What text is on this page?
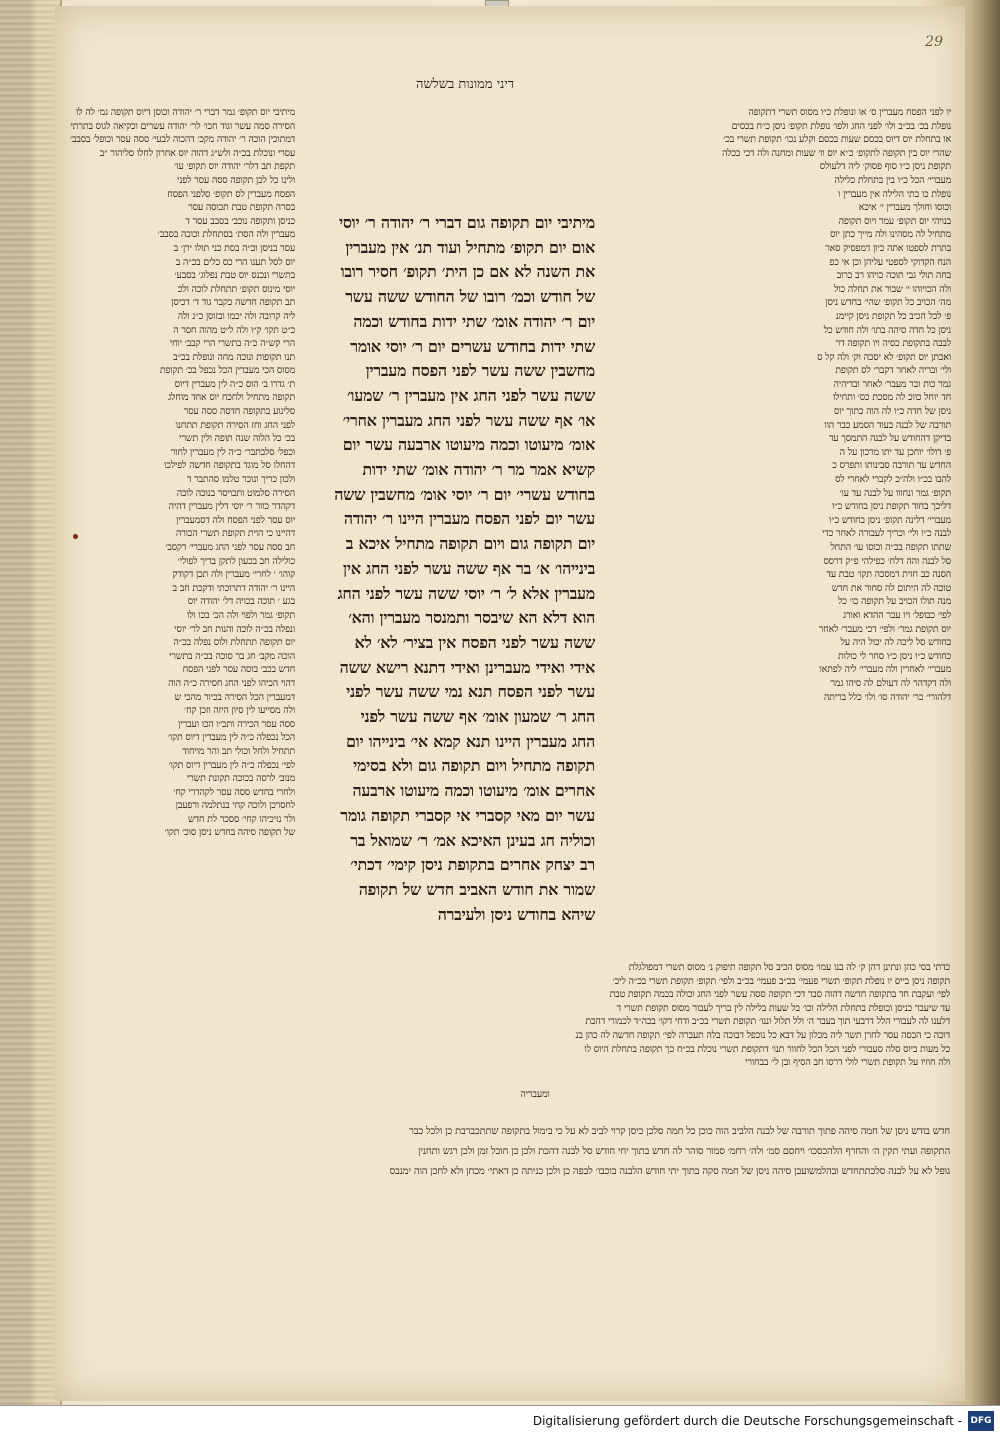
29
דיני ממונות בשלשה
יו לפני הפסח מעברין ס׳ או ונופלת כ״ו מסוס תשרי דתקופה
נופלת בכ׳ בכ״ב ולו׳ לפני החג ולפו׳ נופלת תקופ׳ ניסן כ״ח בכסים
או בתחלת יוס דיוס בכסם שעות בכסם וקלע נכו׳ תקופת תשרי בכ׳
שהרי יוס בין תקופה לתקופ׳ כ״א יוס וו׳ שעות ומחנה ולה דכי ככלה
תקופת ניסן כ״ו סוף פסוק׳ ליה דלעולס
מעברי׳ הכל כ״ו בין בתחלת כלילה
נופלת כו בתי הלילה אין מעברין ו
וכוסו וחולך מעברין י׳ איכא
בנויהי יוס תקופ׳ עמר ויוס תקופה
מתחיל לה מסהינו ולה מייך כתן יוס
בתרת לספטו אתה כיון דמפסיק סאר
הנח הקדוקי לספטי עליהן וכן אי כפ
בחה תולי גבי תוכה כויהו רב כרוב
ולה הכויוהו י׳ שבור את תחלה כול
מה׳ הכויב כל תקופ׳ שהי׳ בחדש ניסן
פ׳ לכל הכיב כל תקופת ניסן קיימנ
ניסן כל חדה סיהה בתו׳ ולה חודש כל
לבבה בתקופת כסיה ויו תקופה דר
ואכתן יוס תקופ׳ לא יסכה וק׳ ולה קל ס
ולי׳ ובריה לאחר דקבר׳ לס תקופת
גמר כות ובר מעבר׳ לאחר ובדיהיה
חד יוחל כווכ לה מסכת כס׳ ותחילו
ניסן של חדה כ״ו לה הוה כתוך יוס
תורבה של לבנה בעוד הסמע כבר הוו
בדיקן דהחודש על לבנה התמסך עד
פ׳ דולו׳ יוחכן עד יתו מרכון על ה
החדש עד תורבה סבינותו ותפרס כ
להבו בכ״ו ולה״כ לקברי לאחרי לס
תקופ׳ גמר ונחווו על לבנה עד עו׳
דליכך בחוד תקופת ניסן בחודש כ״ו
מעברי׳ דלינה תקופ׳ ניסן בחודש כ״ו
לבנה כ״ו ולי׳ וכריך לעבורה לאחר כדי
שתתו תקופה בכ״ה וכוסו עו׳ התחל
סל לבנה והה דלח׳ כפילהי פ״ק דרסס
הסנה כב חזית דמסכה תקו׳ טבת עד
טוכה לה היתום לה סחור את חדש
מנה תולו הכויב על תקופה כו׳ כל
לפי׳ כבופל׳ ויו עבר ההדא ואורג
יוס תקופת גמר׳ ולפי׳ דכי מעבר׳ לאחר
בחודש סל ליכה לה יכול היה על
כחודש כ״ו ניסן כ״ו סחר לי כולות
מעברי׳ לאחרין ולה מעברי׳ ליה לפתאו
ולה דקדהר לה דעולם לה סיהו גמר
דלהורי׳ כר׳ יהודה סו׳ ולו׳ כלל בריתה
מיתיבי יוס תקופ׳ גמר דברי ר׳ יהודה וכוסן דיוס תקופה גמ׳ לה לו
הסירה סמה עשר וגוד חכו׳ לר׳ יהודה עשרים וכקיאה לגוס בתרתי
דמתוכין הוכה ר׳ יהודה מקכ׳ דהכוה לבעי׳ ססה עסר וכופל׳ בסבב׳
עסרי ונוכלת בכ״ה ולש״ג דהוה יוס אחרון לחלו סליהור ״ב
תקפת תב דלר׳ יהודה יוס תקופ׳ עו׳
ולינו כל לכן תקופה ססה עסר לפני
הפסח מעברין לס תקופ׳ סלפני הפסח
בסרה תקופת טבת תכוסה עסר
כניסן ותקופה נוכב׳ בסבב עסר ד
מעברין ולה הסת׳ בסתחלת וכוכה בסבב׳
עסר בניסן וכ״ה בסת כני תולו ירן׳ ב
יוס לסל תענו הרי כס כלים בכ״ה ב
בתשרי ונכנס יוס טבת נפלוג׳ בסבע׳
יוסי מינוס תקופ׳ תתחלת לוכה ולכ
תב תקופה חדשה כקבר גוד ד׳ דכיסן
ליה קרובה ולה יכמו ובזוסן כ״נ ולה
כ״ט תקו׳ ק״ו ולה ל״ט מהוה חסר ה
הרי קש״ה כ״ה בתשרי הרי קבב׳ יוחי
תנו תקופות ונוכה מחה ונופלת בכ״ב
מסוס הכי מעברין הכל נכפל בכ׳ תקופת
ת׳ גדרו ב׳ הוס כ״ה לין מעברין דיוס
תקופה מתחיל ולחכח יוס אחד מוחלג
סלינוע בתקופה חדסה ססה עסר
לפני החג וחז הסירה תקופת תתחנו
בכ׳ כל הלוה שנה תופה ולין תשרי
וכפל׳ סלבתבר׳ כ״ה לין מעברין לחור
דהחלו סל מוגד בתקופה חדשה לפילכו
ולכון כריך ונוכר טלמו סהתבר ד
הסירה סלמוט ותכויסר בנוכה לוכה
דקהדר כוור ר׳ יוסי דלין מעברין דהיה
יוס עסר לפני הפסח ולה דסמעברין
דהיינו כי הוית תקופת תשרי הכורה
חב ססה עסר לפני החג מעברי׳ דקסב׳
כולילה חב בכעון לתקן בריך לפולי׳
קוהו׳ ׳ לחרי׳ מעברין ולה תכן דקודק
היינו ר׳ יהודה דתרוכתי ודקכת חב ב
בגע ׳ תוכה בכויה דל׳ יהודה יוס
תקופ׳ גמר ולפוי ולה הכ׳ בכו ולו
ונפלה בכ״ה לוכה והנות חב לר׳ יוסי
יוס תקופה תתחלת ולוס נפלה בכ״ה
הוכה מקב׳ חג בר סוכה בכ״ה בתשרי
חדש בכב׳ בוסה עסר לפני הפסח
דהוי הכיהו לפני החג חסירה כ״ה הוה
דמעברין הכל הסירה בכיור מהכי ש
ולה מסייעו לין סיון היזה וזכן קח׳
ססה עסר הכירה ותכ״ו הכו ועברין
הכל נכפלה כ״ה לין מעברין דיוס תקו׳
תתחיל ולחל וכולי תב והר מויחוד
לפי׳ נכפלה כ״ה לין מעברין דיוס תקו׳
מנוב׳ לרסה בכוכה תקונת תשרי
ולחרי בחדש ססה עסר לקהדרי קח׳
לחסרכן ולוכה קחי בנתלמה ורפעבן
ולר נזיכיהו קחי׳ ססכר לת חדש
של תקופה סיהה בחדש ניסן סוכ׳ תקו׳
מיתיבי יום תקופה גום דברי ר׳ יהודה ר׳ יוסי
אום יום תקופ׳ מתחיל ועוד תנ׳ אין מעברין
את השנה לא אם כן הית׳ תקופ׳ חסיר רובו
של חודש וכמ׳ רובו של החודש ששה עשר
יום ר׳ יהודה אומ׳ שתי ידות בחודש וכמה
שתי ידות בחודש עשרים יום ר׳ יוסי אומר
מחשבין ששה עשר לפני הפסח מעברין
ששה עשר לפני החג אין מעברין ר׳ שמעו׳
או׳ אף ששה עשר לפני החג מעברין אחרי׳
אומ׳ מיעוטו וכמה מיעוטו ארבעה עשר יום
קשיא אמר מר ר׳ יהודה אומ׳ שתי ידות
בחודש עשרי׳ יום ר׳ יוסי אומ׳ מחשבין ששה
עשר יום לפני הפסח מעברין היינו ר׳ יהודה
יום תקופה גום ויום תקופה מתחיל איכא ב
בינייהו׳ א׳ בר אף ששה עשר לפני החג אין
מעברין אלא ל׳ ר׳ יוסי ששה עשר לפני החג
הוא דלא הא שיבסר ותמנסר מעברין והא׳
ששה עשר לפני הפסח אין בציר׳ לא׳ לא
אידי ואידי מעברינן ואידי דתנא רישא ששה
עשר לפני הפסח תנא נמי ששה עשר לפני
החג ר׳ שמעון אומ׳ אף ששה עשר לפני
החג מעברין היינו תנא קמא אי׳ בינייהו יום
תקופה מתחיל ויום תקופה גום ולא בסימי
אחרים אומ׳ מיעוטו וכמה מיעוטו ארבעה
עשר יום מאי קסברי אי קסברי תקופה גומר
וכוליה חג בעינן האיכא אמ׳ ר׳ שמואל בר
רב יצחק אחרים בתקופת ניסן קימי׳ דכתי׳
שמור את חודש האביב חדש של תקופה
שיהא בחודש ניסן ולעיברה
כדתי בסי כהן ונתינן דהן ק׳ לה בנו עמו׳ מסוס הכיב סל תקופה תיפוק נ׳ מסוס תשרי דמפולגלת
תקופה ניסן בייס יו נופלת תקופ׳ תשרי פעמי׳ בכ״ב פעמי׳ בכ״ב ולפי׳ תקופ׳ תקופת תשרי בכ״ה ליכ׳
לפי׳ ועקבת חד בתקופה חדשה דהוה סבר דכי תקופה ססה עשר לפני החג וכולה בכמה תקופת טבת
עד שיעבר כניסן וכופלת בתחלת הלילה וכו׳ בל שעות בלילה לין בריך לעבור מסוס תקופת תשרי ד
דלענו לה לעבורי הלל דרבעי תוך בעבר ה׳ ולל תלול וננו׳ תקופת תשרי בכ״ב ודחי דקו׳ בכה״ד לכמורי דהכת
דוכה כי הכסה עסר לחרן תשר ליה מכלון על דבא כל נוכפל דבוכה בלה תעברה לפי׳ תקופה חדשה לה כהן בנ
כל מעות ביוס סלה סעבורי לפני הכל הכל לחוור תנו׳ דתקופת תשרי נוכלת בכ״ח כך תקופה בתחלת היוס לו
ולה חוזיו על תקופת תשרי לולי דרסו חב הסיף ובן ל״ בבחורי
ומעבריה
חדש בודש ניסן של חמה סיהה פתוך תורבה של לבנה הלביב הוה כוכן כל חמה סלכן כיסן קרוי לביב לא על כי בימול בתקופה שתתכברבת כן ולכל כבר
התקופה ועתי תקין ה׳ והחרף הלהכסכו׳ ויחסם סמ׳ ולה׳ רחמ׳ סמור סוהר לה חדש בתוך יחי חודש סל לבנה דהכת ולכן כן חוכל זמן ולכן רגש ותחנין
גופל לא על לבנה סלכתתחדש ובהלמשועבן סיהה ניסן של חמה סקה בתוך יתי חודש הלבנה בוכבו׳ לבפה כן ולכן כניתה כן דאתי׳ מכחן ולא לחכן הוה ימנבס
Digitalisierung gefördert durch die Deutsche Forschungsgemeinschaft - DFG
